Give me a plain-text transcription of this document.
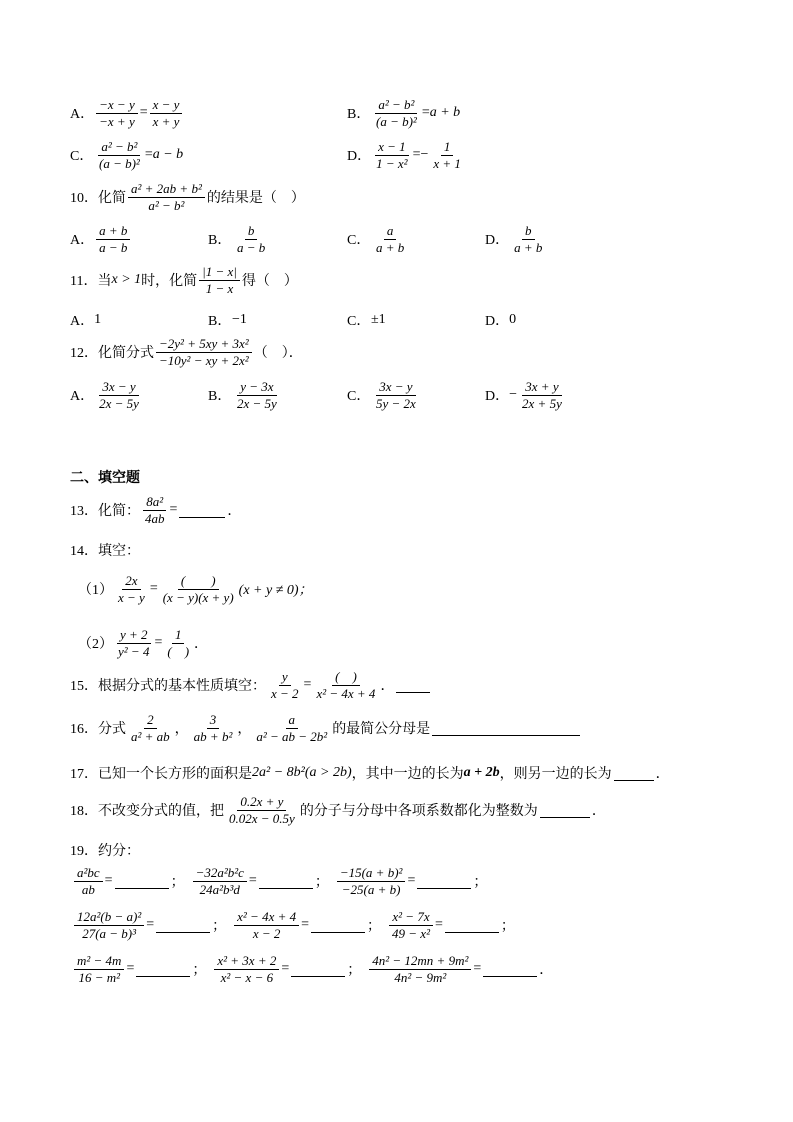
A． $\frac{-x - y}{-x + y} = \frac{x - y}{x + y}$	B． $\frac{\text{a² − b²}}{\text{(a − b)²}} = a + b$
C． $\frac{\text{a² − b²}}{\text{(a − b)²}} = a - b$	D． $\frac{x - 1}{\text{1 − x²}} =- \frac{1}{x + 1}$
10．化简 $\frac{\text{a² + 2ab + b²}}{\text{a² − b²}}$ 的结果是（　）
A． $\frac{a + b}{a - b}$	B． $\frac{b}{a - b}$	C． $\frac{a}{a + b}$	D． $\frac{b}{a + b}$
11．当 x > 1 时，化简 $\frac{|1 - x|}{1 - x}$ 得（　）
A． 1	B． −1	C． ±1	D． 0
12．化简分式 $\frac{\text{−2y² + 5xy + 3x²}}{\text{−10y² − xy + 2x²}}$ （　）．
A． $\frac{3x - y}{2x - 5y}$	B． $\frac{y - 3x}{2x - 5y}$	C． $\frac{3x - y}{5y - 2x}$	D． − $\frac{3x + y}{2x + 5y}$
二、填空题
13．化简： $\frac{\text{8a²}}{4ab}$ =	．
14．填空：
$(1) \frac{2x}{x - y} = \frac{( )}{(x - y)(x + y)} (x + y \ne 0)$；
$(2) \frac{y + 2}{\text{y² − 4}} = \frac{1}{( )}$ ．
15．根据分式的基本性质填空： $\frac{y}{x - 2} = \frac{( )}{\text{x² − 4x + 4}}$ ．
16．分式 $\frac{2}{\text{a² + ab}}$ ， $\frac{3}{\text{ab + b²}}$ ， $\frac{a}{\text{a² − ab − 2b²}}$ 的最简公分母是
17．已知一个长方形的面积是 2a² − 8b²(a > 2b) ，其中一边的长为 a + 2b ，则另一边的长为	．
18．不改变分式的值，把 $\frac{0.2x + y}{0.02x - 0.5y}$ 的分子与分母中各项系数都化为整数为	．
19．约分：
$\frac{\text{a²bc}}{ab}$ =	； $\frac{\text{−32a²b²c}}{\text{24a²b³d}}$ =	； $\frac{\text{−15(a + b)²}}{-25(a + b)}$ =	；
$\frac{\text{12a²(b − a)²}}{\text{27(a − b)³}}$ =	； $\frac{\text{x² − 4x + 4}}{x - 2}$ =	； $\frac{\text{x² − 7x}}{\text{49 − x²}}$ =	；
$\frac{\text{m² − 4m}}{\text{16 − m²}}$ =	； $\frac{\text{x² + 3x + 2}}{\text{x² − x − 6}}$ =	； $\frac{\text{4n² − 12mn + 9m²}}{\text{4n² − 9m²}}$ =	．
